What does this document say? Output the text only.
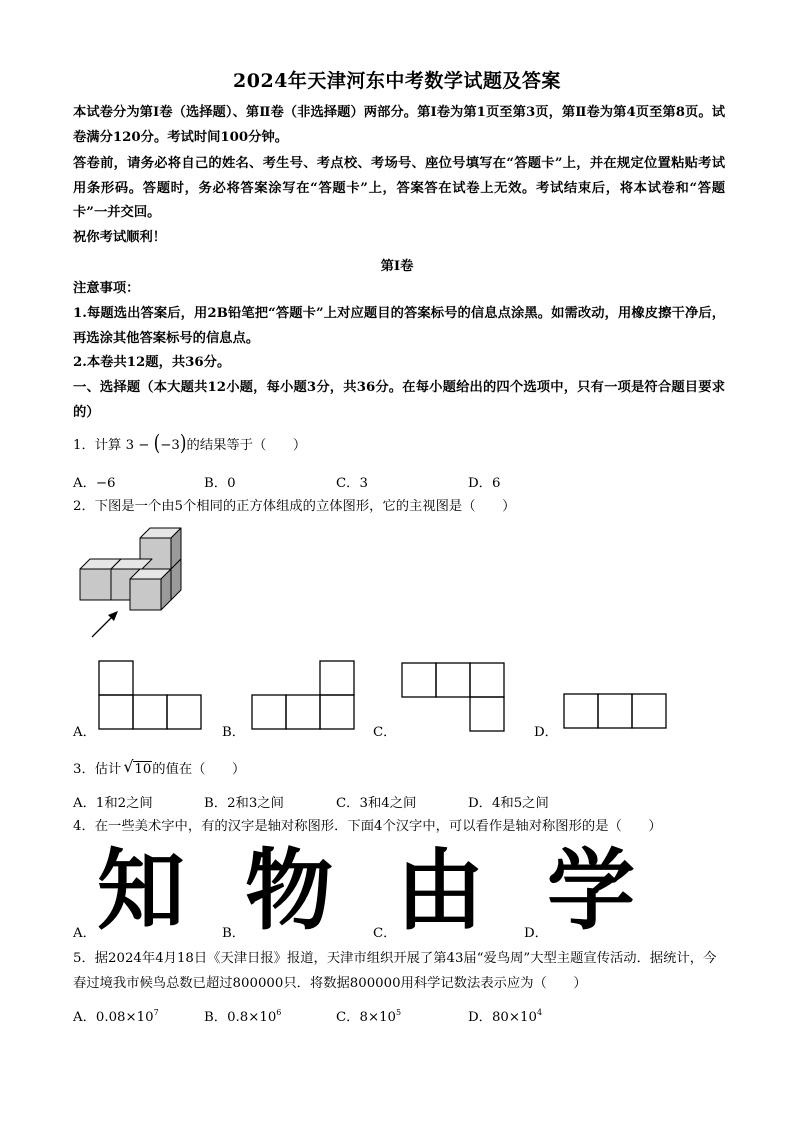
2024年天津河东中考数学试题及答案
本试卷分为第Ⅰ卷（选择题）、第Ⅱ卷（非选择题）两部分。第Ⅰ卷为第1页至第3页，第Ⅱ卷为第4页至第8页。试卷满分120分。考试时间100分钟。
答卷前，请务必将自己的姓名、考生号、考点校、考场号、座位号填写在“答题卡”上，并在规定位置粘贴考试用条形码。答题时，务必将答案涂写在“答题卡”上，答案答在试卷上无效。考试结束后，将本试卷和“答题卡”一并交回。
祝你考试顺利！
第Ⅰ卷
注意事项：
1.每题选出答案后，用2B铅笔把“答题卡”上对应题目的答案标号的信息点涂黑。如需改动，用橡皮擦干净后，再选涂其他答案标号的信息点。
2.本卷共12题，共36分。
一、选择题（本大题共12小题，每小题3分，共36分。在每小题给出的四个选项中，只有一项是符合题目要求的）
1．计算 3 − (−3)的结果等于（　　）
A．−6	B．0	C．3	D．6
2．下图是一个由5个相同的正方体组成的立体图形，它的主视图是（　　）
A．	B．	C．	D．
3．估计 √ 10的值在（　　）
A．1和2之间	B．2和3之间	C．3和4之间	D．4和5之间
4．在一些美术字中，有的汉字是轴对称图形．下面4个汉字中，可以看作是轴对称图形的是（　　）
A． 知	B． 物	C． 由	D． 学
5．据2024年4月18日《天津日报》报道，天津市组织开展了第43届“爱鸟周”大型主题宣传活动．据统计，今春过境我市候鸟总数已超过800000只．将数据800000用科学记数法表示应为（　　）
A．$0.08\times 10^7$	B．$0.8\times 10^6$	C．$8\times 10^5$	D．$80\times 10^4$
